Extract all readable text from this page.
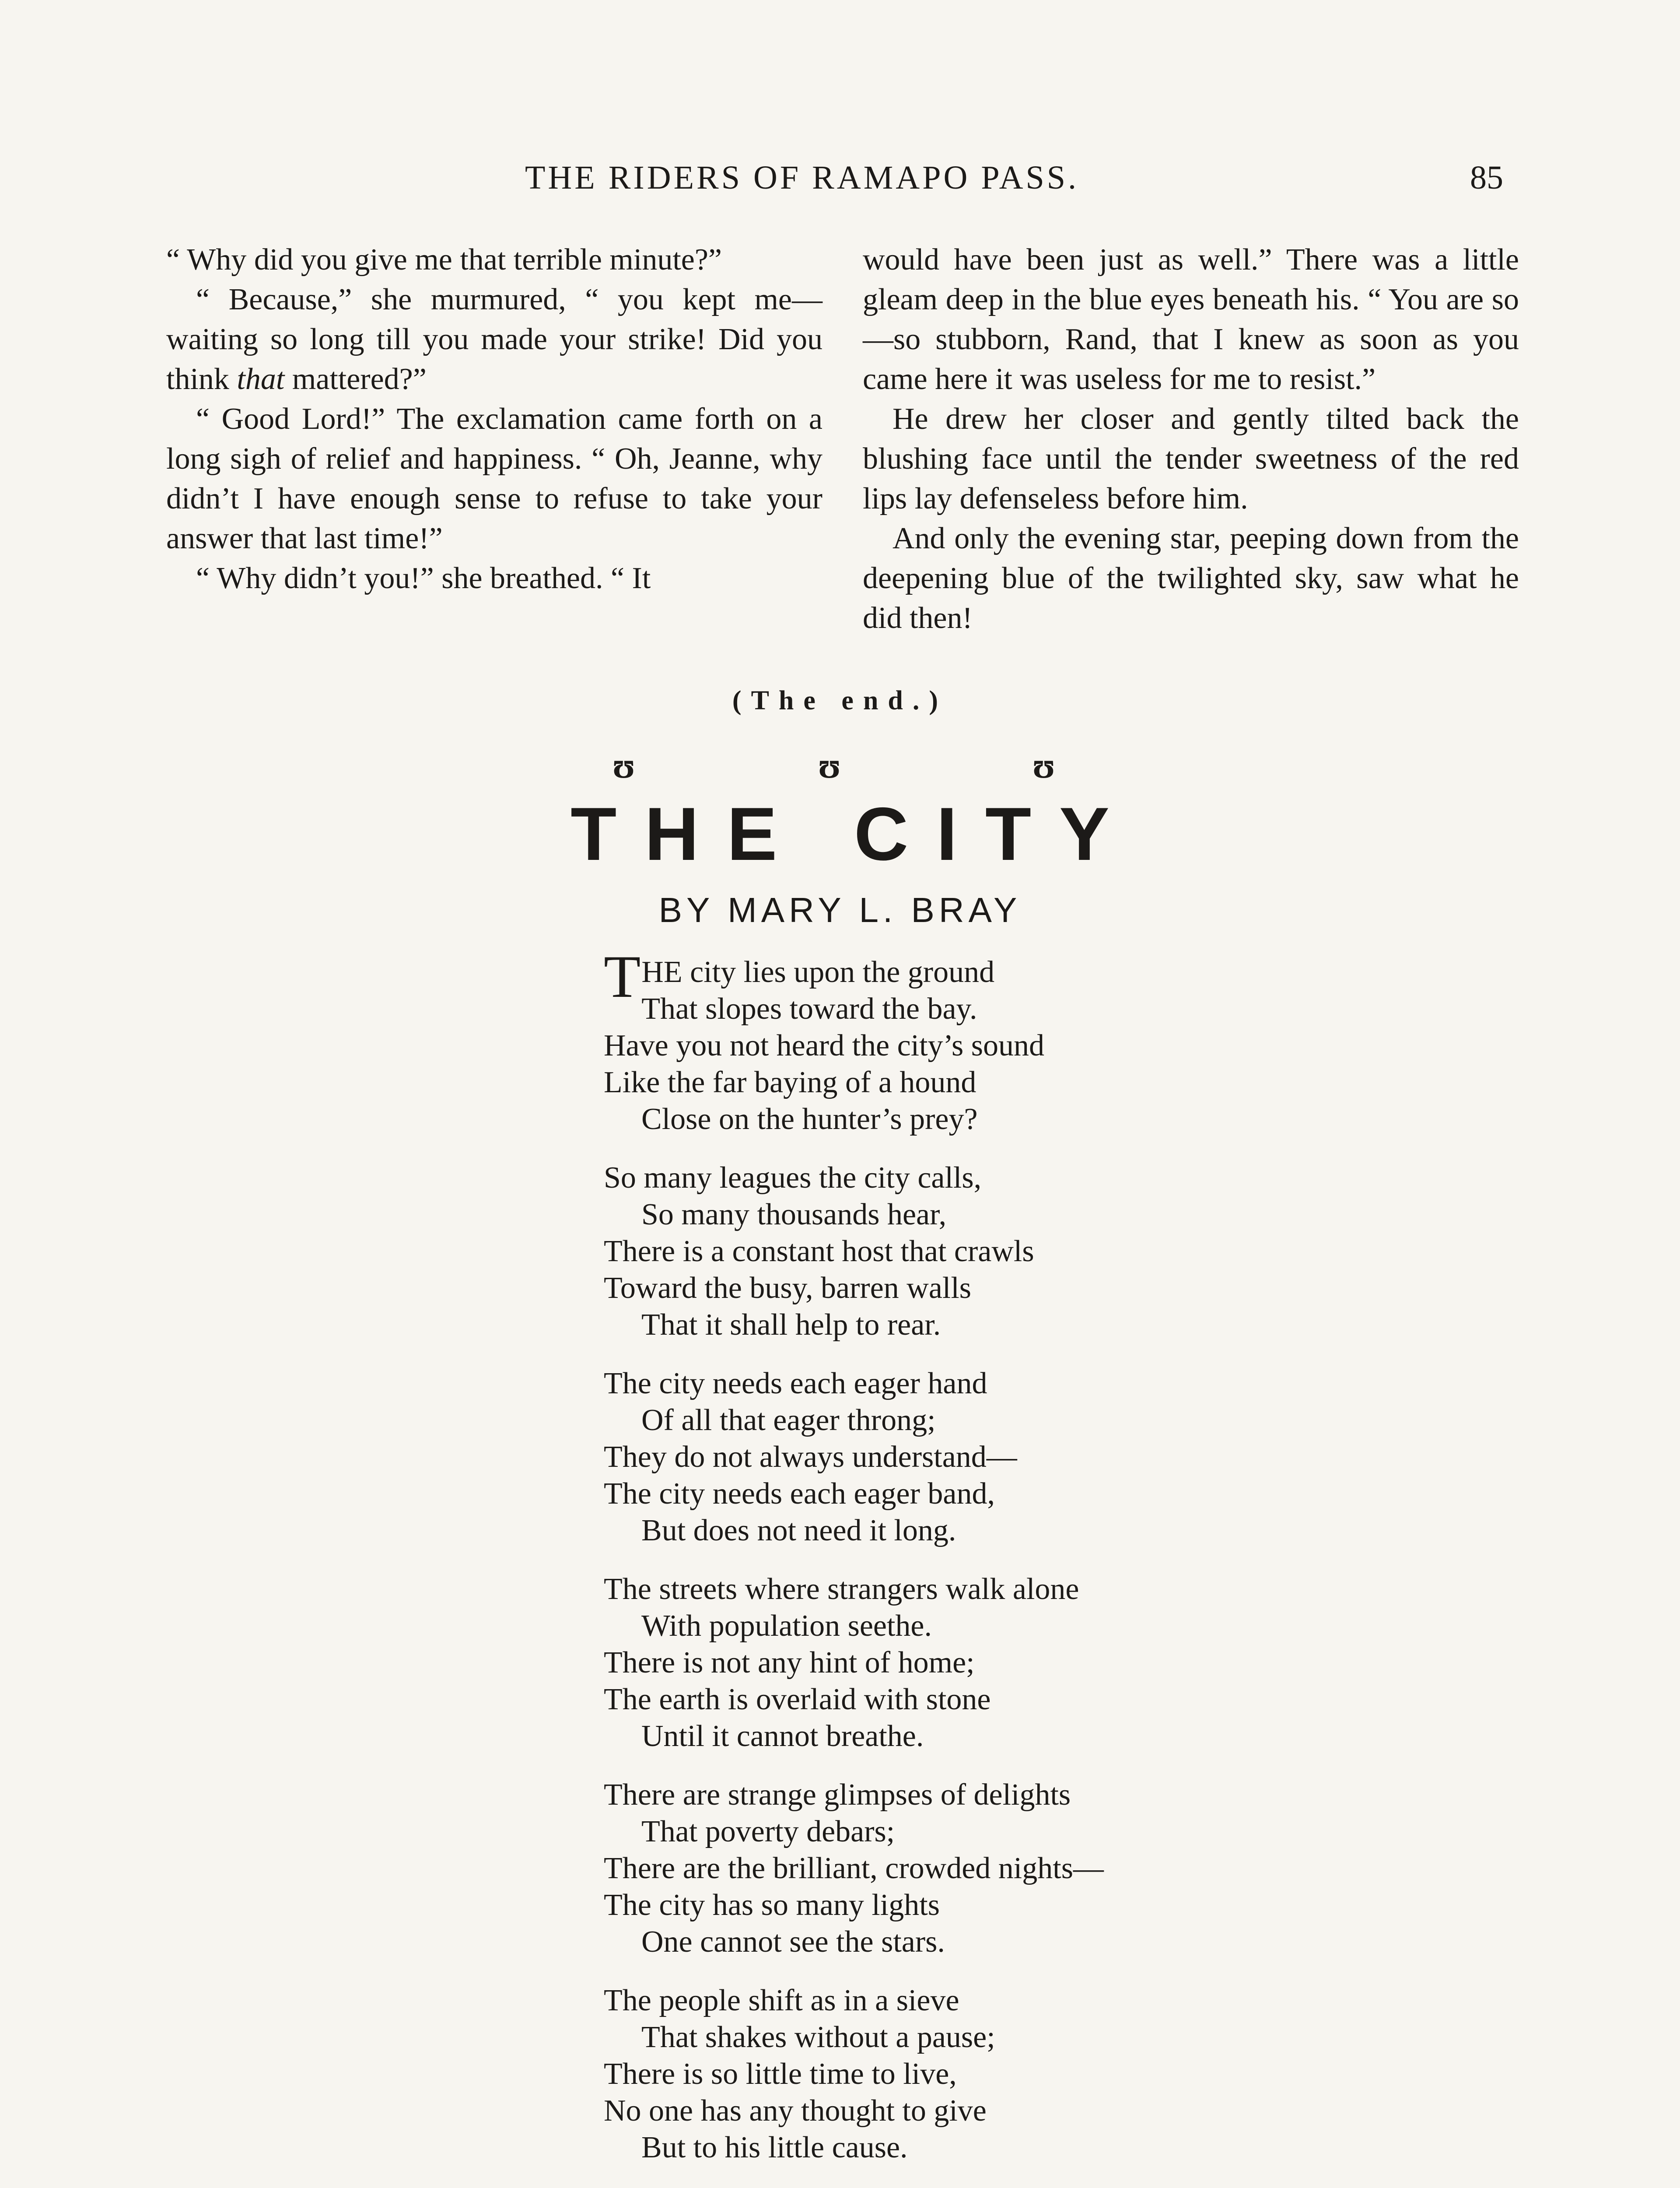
THE RIDERS OF RAMAPO PASS.	85

“ Why did you give me that terrible minute?”

“ Because,” she murmured, “ you kept me—waiting so long till you made your strike! Did you think that mattered?”

“ Good Lord!” The exclamation came forth on a long sigh of relief and happiness. “ Oh, Jeanne, why didn’t I have enough sense to refuse to take your answer that last time!”

“ Why didn’t you!” she breathed. “ It

would have been just as well.” There was a little gleam deep in the blue eyes beneath his. “ You are so—so stubborn, Rand, that I knew as soon as you came here it was useless for me to resist.”

He drew her closer and gently tilted back the blushing face until the tender sweetness of the red lips lay defenseless before him.

And only the evening star, peeping down from the deepening blue of the twilighted sky, saw what he did then!

(The end.)
ʊ	ʊ	ʊ
THE CITY
BY MARY L. BRAY
THE city lies upon the ground
That slopes toward the bay.
Have you not heard the city’s sound
Like the far baying of a hound
Close on the hunter’s prey?
So many leagues the city calls,
So many thousands hear,
There is a constant host that crawls
Toward the busy, barren walls
That it shall help to rear.
The city needs each eager hand
Of all that eager throng;
They do not always understand—
The city needs each eager band,
But does not need it long.
The streets where strangers walk alone
With population seethe.
There is not any hint of home;
The earth is overlaid with stone
Until it cannot breathe.
There are strange glimpses of delights
That poverty debars;
There are the brilliant, crowded nights—
The city has so many lights
One cannot see the stars.
The people shift as in a sieve
That shakes without a pause;
There is so little time to live,
No one has any thought to give
But to his little cause.
